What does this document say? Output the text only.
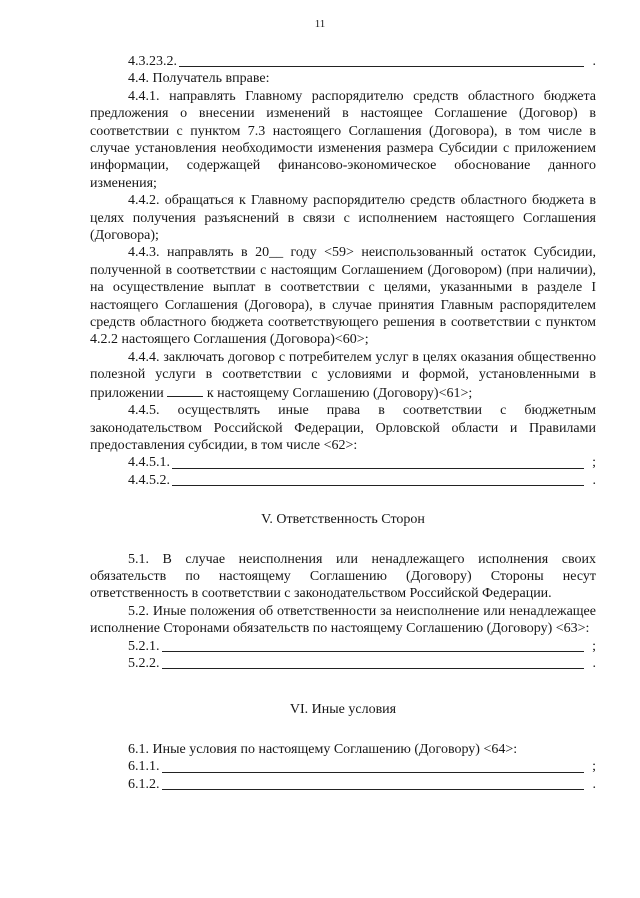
11
4.3.23.2.	.

4.4. Получатель вправе:

4.4.1. направлять Главному распорядителю средств областного бюджета предложения о внесении изменений в настоящее Соглашение (Договор) в соответствии с пунктом 7.3 настоящего Соглашения (Договора), в том числе в случае установления необходимости изменения размера Субсидии с приложением информации, содержащей финансово-экономическое обоснование данного изменения;

4.4.2. обращаться к Главному распорядителю средств областного бюджета в целях получения разъяснений в связи с исполнением настоящего Соглашения (Договора);

4.4.3. направлять в 20__ году <59> неиспользованный остаток Субсидии, полученной в соответствии с настоящим Соглашением (Договором) (при наличии), на осуществление выплат в соответствии с целями, указанными в разделе I настоящего Соглашения (Договора), в случае принятия Главным распорядителем средств областного бюджета соответствующего решения в соответствии с пунктом 4.2.2 настоящего Соглашения (Договора)<60>;

4.4.4. заключать договор с потребителем услуг в целях оказания общественно полезной услуги в соответствии с условиями и формой, установленными в приложении	к настоящему Соглашению (Договору)<61>;

4.4.5. осуществлять иные права в соответствии с бюджетным законодательством Российской Федерации, Орловской области и Правилами предоставления субсидии, в том числе <62>:

4.4.5.1.	;
4.4.5.2.	.

V. Ответственность Сторон

5.1. В случае неисполнения или ненадлежащего исполнения своих обязательств по настоящему Соглашению (Договору) Стороны несут ответственность в соответствии с законодательством Российской Федерации.

5.2. Иные положения об ответственности за неисполнение или ненадлежащее исполнение Сторонами обязательств по настоящему Соглашению (Договору) <63>:

5.2.1.	;
5.2.2.	.

VI. Иные условия

6.1. Иные условия по настоящему Соглашению (Договору) <64>:

6.1.1.	;
6.1.2.	.
